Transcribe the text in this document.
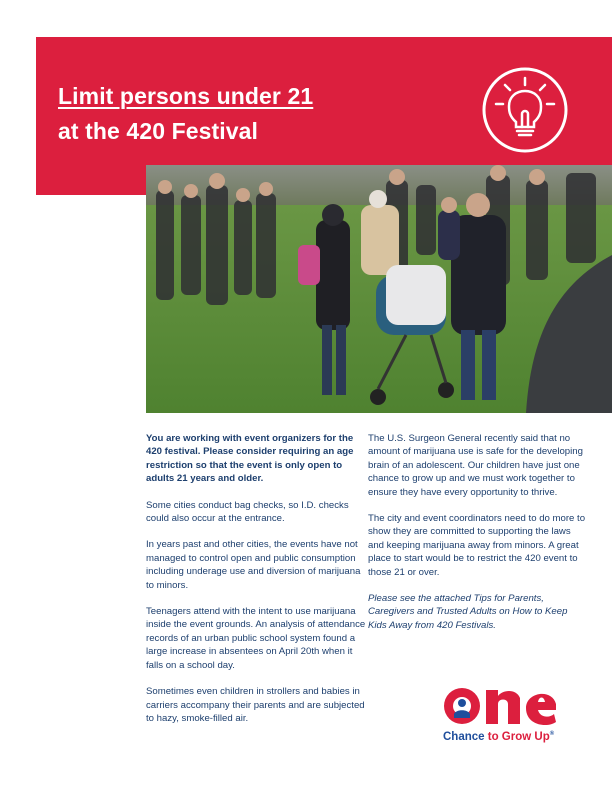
Limit persons under 21
at the 420 Festival

You are working with event organizers for the 420 festival. Please consider requiring an age restriction so that the event is only open to adults 21 years and older.

Some cities conduct bag checks, so I.D. checks could also occur at the entrance.

In years past and other cities, the events have not managed to control open and public consumption including underage use and diversion of marijuana to minors.

Teenagers attend with the intent to use marijuana inside the event grounds. An analysis of attendance records of an urban public school system found a large increase in absentees on April 20th when it falls on a school day.

Sometimes even children in strollers and babies in carriers accompany their parents and are subjected to hazy, smoke-filled air.

The U.S. Surgeon General recently said that no amount of marijuana use is safe for the developing brain of an adolescent. Our children have just one chance to grow up and we must work together to ensure they have every opportunity to thrive.

The city and event coordinators need to do more to show they are committed to supporting the laws and keeping marijuana away from minors. A great place to start would be to restrict the 420 event to those 21 or over.

Please see the attached Tips for Parents, Caregivers and Trusted Adults on How to Keep Kids Away from 420 Festivals.

Chance to Grow Up®
